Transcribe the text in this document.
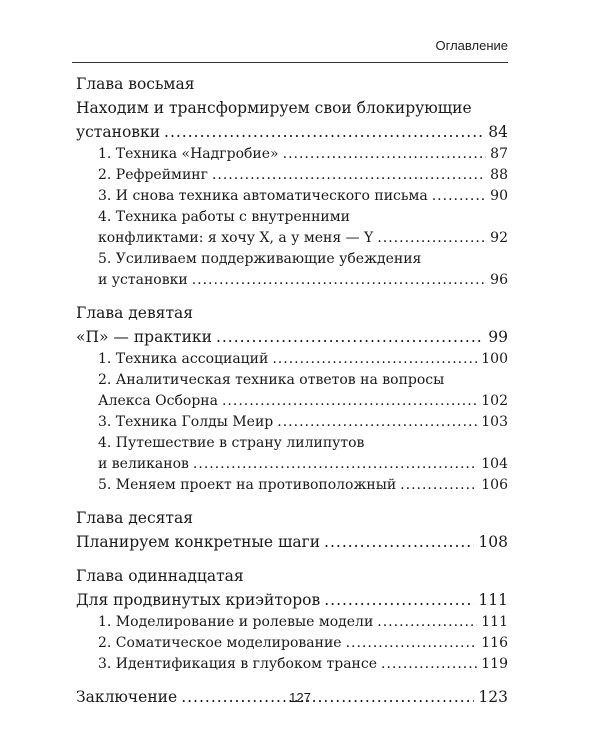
Оглавление
Глава восьмая
Находим и трансформируем свои блокирующие
установки .....	84
1. Техника «Надгробие» .....	87
2. Рефрейминг .....	88
3. И снова техника автоматического письма .....	90
4. Техника работы с внутренними
конфликтами: я хочу X, а у меня — Y .....	92
5. Усиливаем поддерживающие убеждения
и установки .....	96
Глава девятая
«П» — практики .....	99
1. Техника ассоциаций .....	100
2. Аналитическая техника ответов на вопросы
Алекса Осборна .....	102
3. Техника Голды Меир .....	103
4. Путешествие в страну лилипутов
и великанов .....	104
5. Меняем проект на противоположный .....	106
Глава десятая
Планируем конкретные шаги .....	108
Глава одиннадцатая
Для продвинутых криэйторов .....	111
1. Моделирование и ролевые модели .....	111
2. Соматическое моделирование .....	116
3. Идентификация в глубоком трансе .....	119
Заключение .....	123
127
